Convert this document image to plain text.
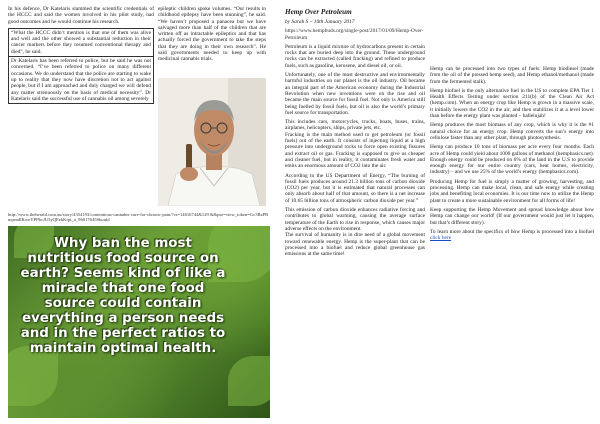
In his defence, Dr Katelaris slammed the scientific credentials of the HCCC and said the women involved in his pilot study, had good outcomes and he would continue his research.

“What the HCCC didn’t mention is that one of them was alive and well and the other showed a substantial reduction in their cancer markers before they resumed conventional therapy and died”, he said.

Dr Katelaris has been referred to police, but he said he was not concerned. “I’ve been referred to police on many different occasions. We do understand that the police are starting to wake up to reality that they now have discretion not to act against people, but if I am approached and duly charged we will defend any matter strenuously on the basis of medical necessity”. Dr Katelaris said the successful use of cannabis oil among severely

epileptic children spoke volumes. “Our results in childhood epilepsy have been stunning”, he said. “We haven’t proposed a panacea but we have salvaged more than half of the children that are written off as intractable epileptics and that has actually forced the government to take the steps that they are doing in their own research”. He said governments needed to keep up with medicinal cannabis trials.

http://www.theherald.com.au/story/4354193/contentious-cannabis-cure-for-chronic-pain/?cs=14616744&129 &&pse=view_token=Gc5BzPRnqsmdlKweYPPbcJU5yQEekKrpi_a_96017645Should
Why ban the most nutritious food source on earth? Seems kind of like a miracle that one food source could contain everything a person needs and in the perfect ratios to maintain optimal health.

Hemp Over Petroleum

by Sarah S – 10th January 2017

https://www.hempbuds.org/single-post/2017/01/09/Hemp-Over-Petroleum

Petroleum is a liquid mixture of hydrocarbons present in certain rocks that are buried deep into the ground. These underground rocks can be extracted (called fracking) and refined to produce fuels, such as gasoline, kerosene, and diesel oil, or oil.

Unfortunately, one of the most destructive and environmentally harmful industries on our planet is the oil industry. Oil became an integral part of the American economy during the Industrial Revolution when new inventions were on the rise and oil became the main source for fossil fuel. Not only is America still being fuelled by fossil fuels, but oil is also the world’s primary fuel source for transportation.

This includes cars, motorcycles, trucks, boats, buses, trains, airplanes, helicopters, ships, private jets, etc.

Fracking is the main method used to get petroleum (or fossil fuels) out of the earth. It consists of injecting liquid at a high pressure into underground rocks to force open existing fissures and extract oil or gas. Fracking is supposed to give us cheaper and cleaner fuel, but in reality, it contaminates fresh water and emits an enormous amount of CO2 into the air.

According to the US Department of Energy, “The burning of fossil fuels produces around 21.3 billion tons of carbon dioxide (CO2) per year, but it is estimated that natural processes can only absorb about half of that amount, so there is a net increase of 10.65 billion tons of atmospheric carbon dioxide per year.”

This emission of carbon dioxide enhances radiative forcing and contributes to global warming, causing the average surface temperature of the Earth to rise in response, which causes major adverse effects on the environment.

The survival of humanity is in dire need of a global movement toward renewable energy. Hemp is the super-plant that can be processed into a biofuel and reduce global greenhouse gas emissions at the same time!

Hemp can be processed into two types of fuels: Hemp biodiesel (made from the oil of the pressed hemp seed), and Hemp ethanol/methanol (made from the fermented stalk).

Hemp biofuel is the only alternative fuel in the US to complete EPA Tier 1 Health Effects Testing under section 211(b) of the Clean Air Act (hemp.com). When an energy crop like Hemp is grown in a massive scale, it initially lowers the CO2 in the air, and then stabilizes it at a level lower than before the energy plant was planted – hallelujah!

Hemp produces the most biomass of any crop, which is why it is the #1 natural choice for an energy crop. Hemp converts the sun’s energy into cellulose faster than any other plant, through photosynthesis.

Hemp can produce 10 tons of biomass per acre every four months. Each acre of Hemp could yield about 1000 gallons of methanol (hempbasics.net). Enough energy could be produced on 6% of the land in the U.S to provide enough energy for our entire country (cars, heat homes, electricity, industry) – and we use 25% of the world’s energy (hempbasics.com).

Producing Hemp for fuel is simply a matter of growing, harvesting, and processing. Hemp can make local, clean, and safe energy while creating jobs and benefiting local economies. It is our time now to utilize the Hemp plant to create a more sustainable environment for all forms of life!

Keep supporting the Hemp Movement and spread knowledge about how Hemp can change our world! (If our government would just let it happen, but that’s different story).

To learn more about the specifics of how Hemp is processed into a biofuel click here
